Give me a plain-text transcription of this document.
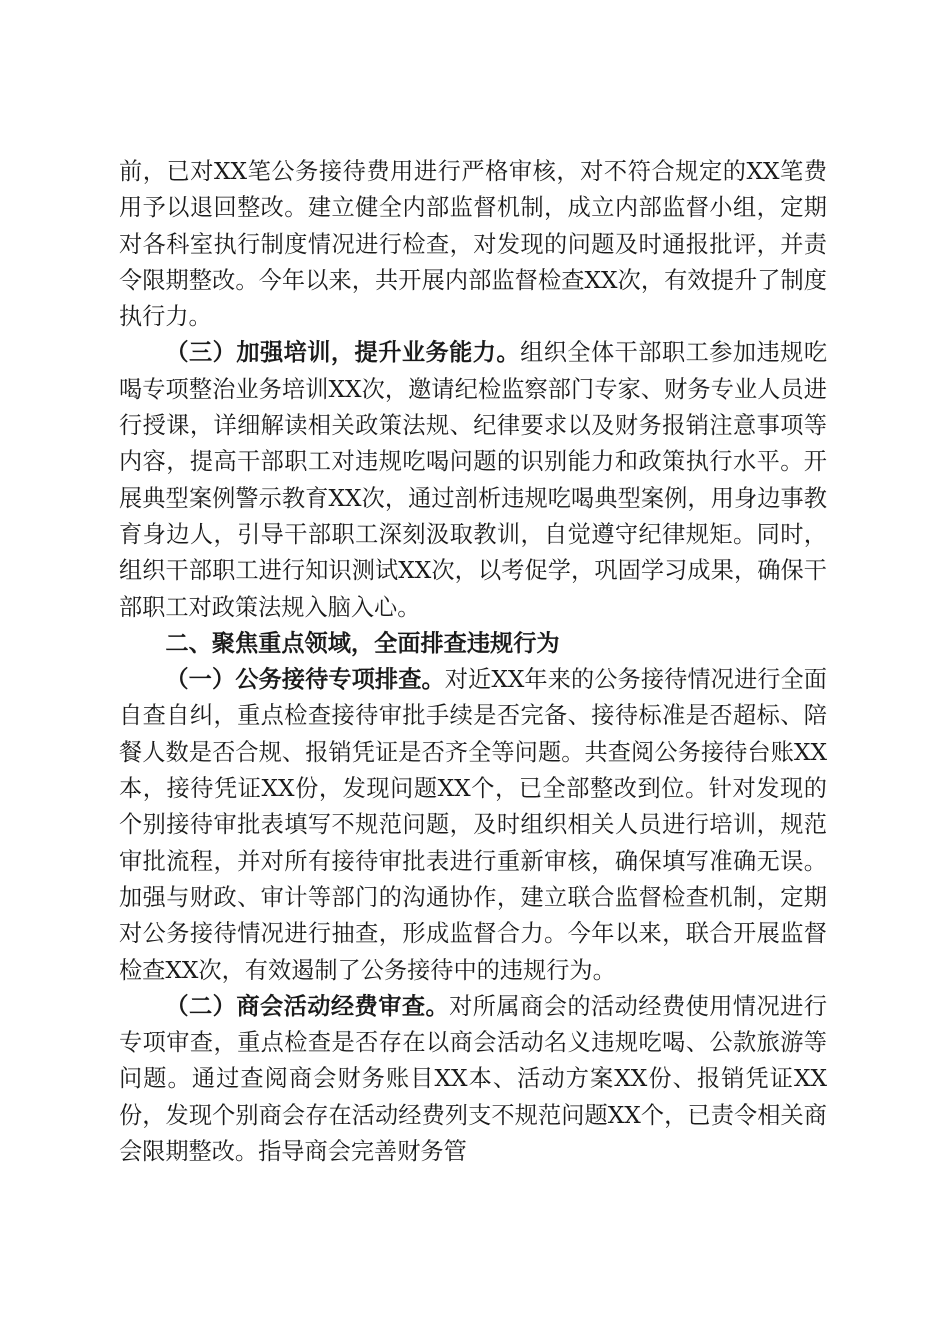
前，已对XX笔公务接待费用进行严格审核，对不符合规定的XX笔费用予以退回整改。建立健全内部监督机制，成立内部监督小组，定期对各科室执行制度情况进行检查，对发现的问题及时通报批评，并责令限期整改。今年以来，共开展内部监督检查XX次，有效提升了制度执行力。

（三）加强培训，提升业务能力。组织全体干部职工参加违规吃喝专项整治业务培训XX次，邀请纪检监察部门专家、财务专业人员进行授课，详细解读相关政策法规、纪律要求以及财务报销注意事项等内容，提高干部职工对违规吃喝问题的识别能力和政策执行水平。开展典型案例警示教育XX次，通过剖析违规吃喝典型案例，用身边事教育身边人，引导干部职工深刻汲取教训，自觉遵守纪律规矩。同时，组织干部职工进行知识测试XX次，以考促学，巩固学习成果，确保干部职工对政策法规入脑入心。

二、聚焦重点领域，全面排查违规行为

（一）公务接待专项排查。对近XX年来的公务接待情况进行全面自查自纠，重点检查接待审批手续是否完备、接待标准是否超标、陪餐人数是否合规、报销凭证是否齐全等问题。共查阅公务接待台账XX本，接待凭证XX份，发现问题XX个，已全部整改到位。针对发现的个别接待审批表填写不规范问题，及时组织相关人员进行培训，规范审批流程，并对所有接待审批表进行重新审核，确保填写准确无误。加强与财政、审计等部门的沟通协作，建立联合监督检查机制，定期对公务接待情况进行抽查，形成监督合力。今年以来，联合开展监督检查XX次，有效遏制了公务接待中的违规行为。

（二）商会活动经费审查。对所属商会的活动经费使用情况进行专项审查，重点检查是否存在以商会活动名义违规吃喝、公款旅游等问题。通过查阅商会财务账目XX本、活动方案XX份、报销凭证XX份，发现个别商会存在活动经费列支不规范问题XX个，已责令相关商会限期整改。指导商会完善财务管
